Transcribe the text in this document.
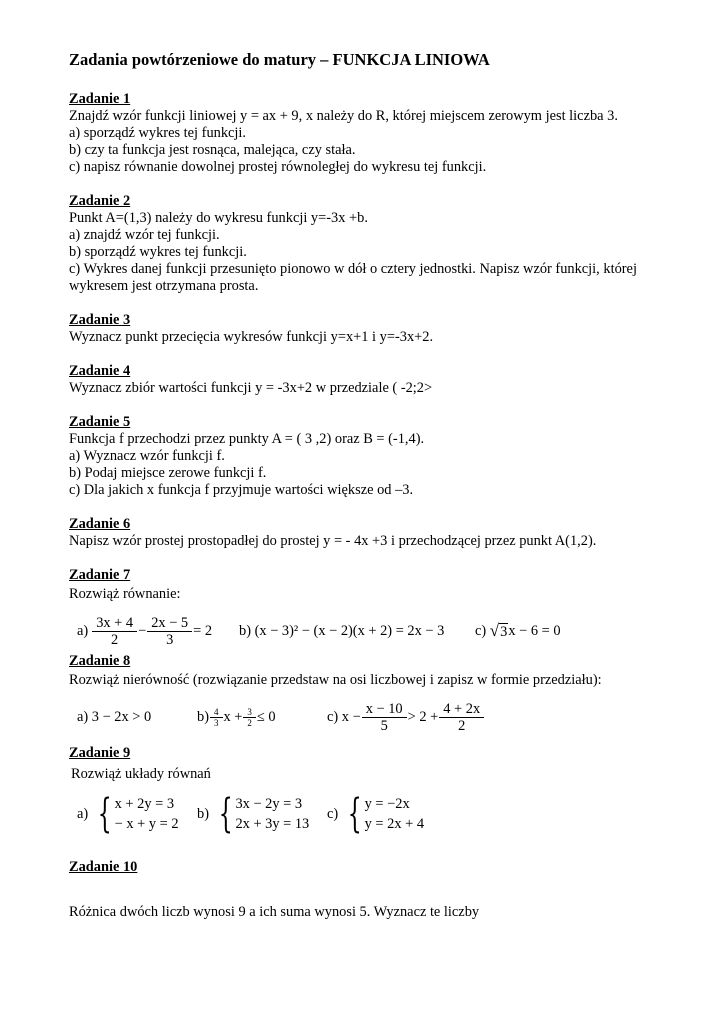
Zadania powtórzeniowe do matury – FUNKCJA LINIOWA
Zadanie 1
Znajdź wzór funkcji liniowej y = ax + 9, x należy do R, której miejscem zerowym jest liczba 3.
a) sporządź wykres tej funkcji.
b) czy ta funkcja jest rosnąca, malejąca, czy stała.
c) napisz równanie dowolnej prostej równoległej do wykresu tej funkcji.
Zadanie 2
Punkt A=(1,3) należy do wykresu funkcji y=-3x +b.
a) znajdź wzór tej funkcji.
b) sporządź wykres tej funkcji.
c) Wykres danej funkcji przesunięto pionowo w dół o cztery jednostki. Napisz wzór funkcji, której wykresem jest otrzymana prosta.
Zadanie 3
Wyznacz punkt przecięcia wykresów funkcji y=x+1 i y=-3x+2.
Zadanie 4
Wyznacz zbiór wartości funkcji y = -3x+2 w przedziale ( -2;2>
Zadanie 5
Funkcja f przechodzi przez punkty A = ( 3 ,2) oraz B = (-1,4).
a) Wyznacz wzór funkcji f.
b) Podaj miejsce zerowe funkcji f.
c) Dla jakich x funkcja f przyjmuje wartości większe od –3.
Zadanie 6
Napisz wzór prostej prostopadłej do prostej y = - 4x +3 i przechodzącej przez punkt A(1,2).
Zadanie 7
Rozwiąż równanie:
$a) \frac{3x + 4}{2} - \frac{2x - 5}{3} = 2$ b)
(x − 3)² − (x − 2)(x + 2) = 2x − 3 c)
√ 3 x − 6 = 0
Zadanie 8
Rozwiąż nierówność (rozwiązanie przedstaw na osi liczbowej i zapisz w formie przedziału):
a)
3 − 2x > 0	$b) \frac{4}{3}$ $x + \frac{3}{2} \le 0$	c)
$x - \frac{x - 10}{5} > 2 + \frac{4 + 2x}{2}$
Zadanie 9
Rozwiąż układy równań
a) { x + 2y = 3
− x + y = 2
b) { 3x − 2y = 3
2x + 3y = 13
c) { y = −2x
y = 2x + 4
Zadanie 10
Różnica dwóch liczb wynosi 9 a ich suma wynosi 5. Wyznacz te liczby
